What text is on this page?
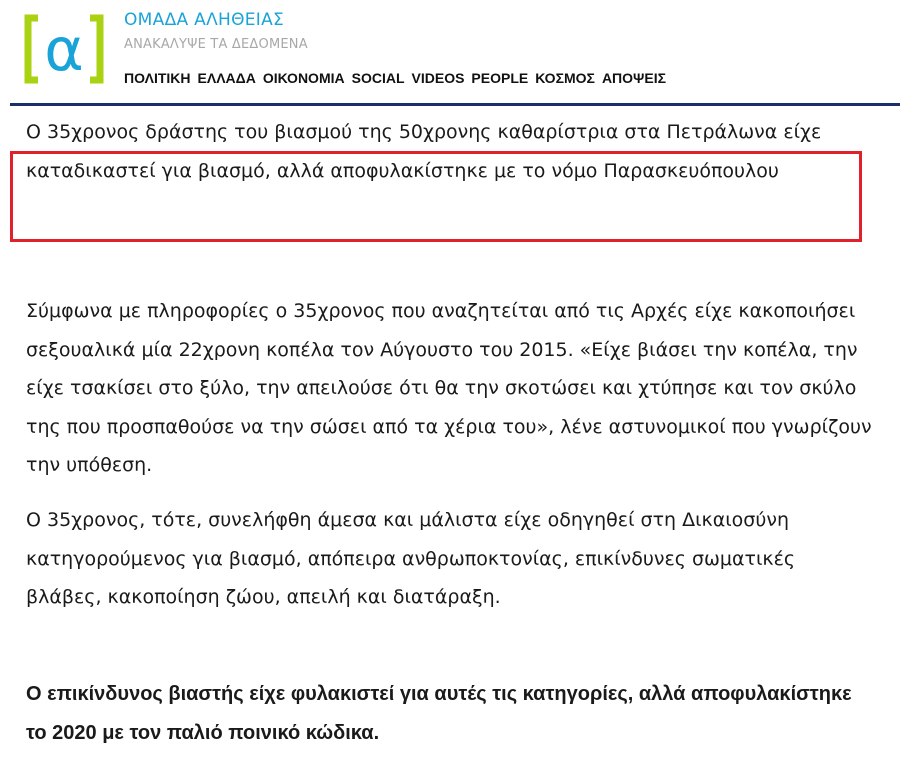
α ΟΜΑΔΑ ΑΛΗΘΕΙΑΣ
ΑΝΑΚΑΛΥΨΕ ΤΑ ΔΕΔΟΜΕΝΑ
ΠΟΛΙΤΙΚΗ ΕΛΛΑΔΑ ΟΙΚΟΝΟΜΙΑ SOCIAL VIDEOS PEOPLE ΚΟΣΜΟΣ ΑΠΟΨΕΙΣ

Ο 35χρονος δράστης του βιασμού της 50χρονης καθαρίστρια στα Πετράλωνα είχε καταδικαστεί για βιασμό, αλλά αποφυλακίστηκε με το νόμο Παρασκευόπουλου

Σύμφωνα με πληροφορίες ο 35χρονος που αναζητείται από τις Αρχές είχε κακοποιήσει σεξουαλικά μία 22χρονη κοπέλα τον Αύγουστο του 2015. «Είχε βιάσει την κοπέλα, την είχε τσακίσει στο ξύλο, την απειλούσε ότι θα την σκοτώσει και χτύπησε και τον σκύλο της που προσπαθούσε να την σώσει από τα χέρια του», λένε αστυνομικοί που γνωρίζουν την υπόθεση.

Ο 35χρονος, τότε, συνελήφθη άμεσα και μάλιστα είχε οδηγηθεί στη Δικαιοσύνη κατηγορούμενος για βιασμό, απόπειρα ανθρωποκτονίας, επικίνδυνες σωματικές βλάβες, κακοποίηση ζώου, απειλή και διατάραξη.

Ο επικίνδυνος βιαστής είχε φυλακιστεί για αυτές τις κατηγορίες, αλλά αποφυλακίστηκε το 2020 με τον παλιό ποινικό κώδικα.
